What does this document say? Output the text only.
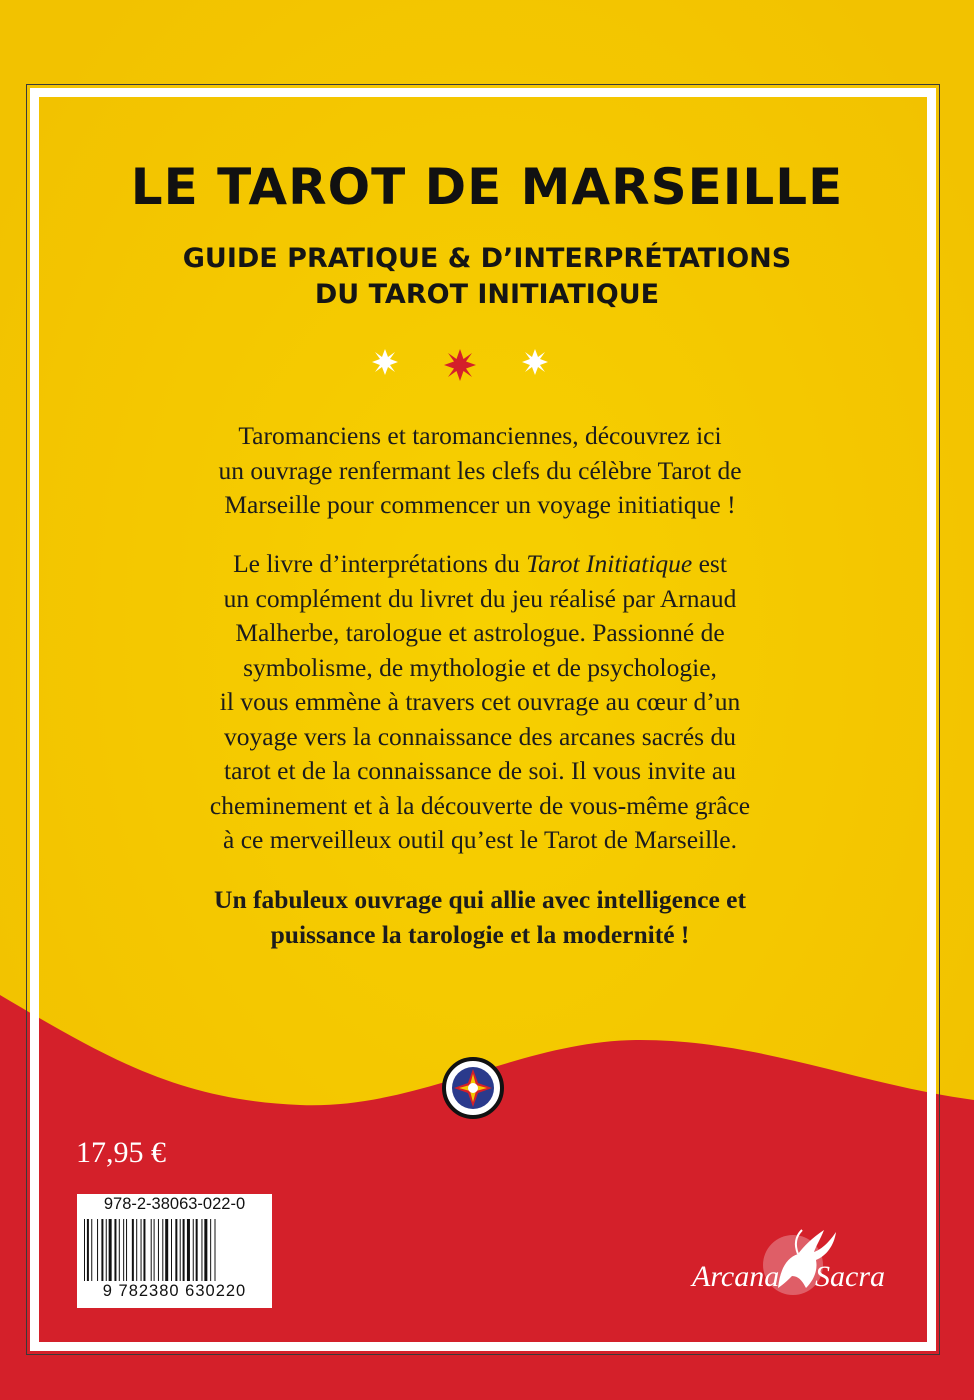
LE TAROT DE MARSEILLE
GUIDE PRATIQUE & D’INTERPRÉTATIONS
DU TAROT INITIATIQUE
Taromanciens et taromanciennes, découvrez ici
un ouvrage renfermant les clefs du célèbre Tarot de
Marseille pour commencer un voyage initiatique !
Le livre d’interprétations du Tarot Initiatique est
un complément du livret du jeu réalisé par Arnaud
Malherbe, tarologue et astrologue. Passionné de
symbolisme, de mythologie et de psychologie,
il vous emmène à travers cet ouvrage au cœur d’un
voyage vers la connaissance des arcanes sacrés du
tarot et de la connaissance de soi. Il vous invite au
cheminement et à la découverte de vous-même grâce
à ce merveilleux outil qu’est le Tarot de Marseille.
Un fabuleux ouvrage qui allie avec intelligence et
puissance la tarologie et la modernité !
17,95 €
978-2-38063-022-0
9 782380 630220	Arcana Sacra
